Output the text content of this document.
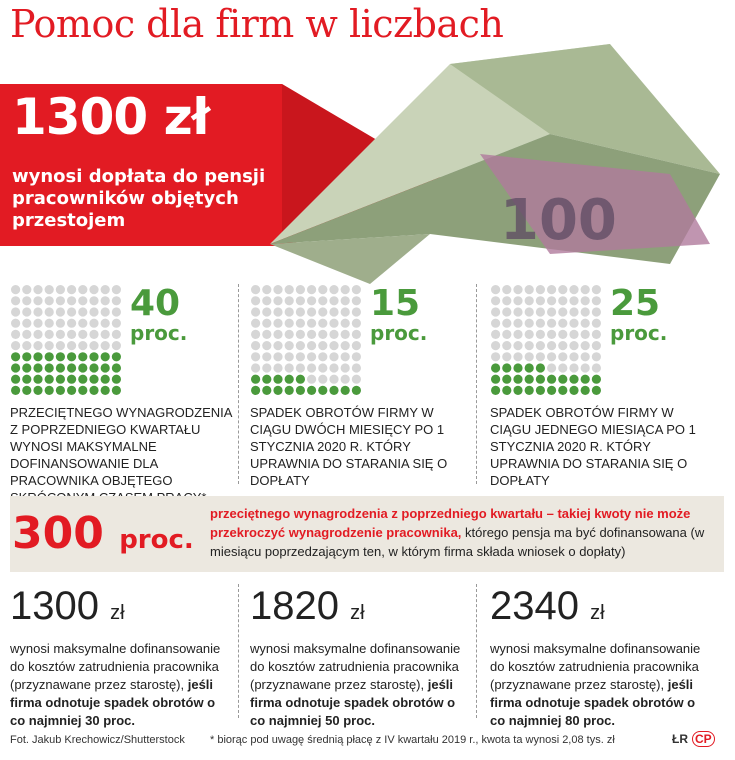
Pomoc dla firm w liczbach
100
1300 zł
wynosi dopłata do pensji pracowników objętych przestojem
40
proc.
PRZECIĘTNEGO WYNAGRODZENIA Z POPRZEDNIEGO KWARTAŁU WYNOSI MAKSYMALNE DOFINANSOWANIE DLA PRACOWNIKA OBJĘTEGO
15
proc.
SPADEK OBROTÓW FIRMY W CIĄGU DWÓCH MIESIĘCY PO 1 STYCZNIA 2020 R. KTÓRY UPRAWNIA DO STARANIA SIĘ O DOPŁATY
25
proc.
SPADEK OBROTÓW FIRMY W CIĄGU JEDNEGO MIESIĄCA PO 1 STYCZNIA 2020 R. KTÓRY UPRAWNIA DO STARANIA SIĘ O DOPŁATY
300 proc.
przeciętnego wynagrodzenia z poprzedniego kwartału – takiej kwoty nie może przekroczyć wynagrodzenie pracownika, którego pensja ma być dofinansowana (w miesiącu poprzedzającym ten, w którym firma składa wniosek o dopłaty)
1300 zł
wynosi maksymalne dofinansowanie do kosztów zatrudnienia pracownika (przyznawane przez starostę), jeśli firma odnotuje spadek obrotów o co najmniej 30 proc.
1820 zł
wynosi maksymalne dofinansowanie do kosztów zatrudnienia pracownika (przyznawane przez starostę), jeśli firma odnotuje spadek obrotów o co najmniej 50 proc.
2340 zł
wynosi maksymalne dofinansowanie do kosztów zatrudnienia pracownika (przyznawane przez starostę), jeśli firma odnotuje spadek obrotów o co najmniej 80 proc.
Fot. Jakub Krechowicz/Shutterstock * biorąc pod uwagę średnią płacę z IV kwartału 2019 r., kwota ta wynosi 2,08 tys. zł	ŁR CP
